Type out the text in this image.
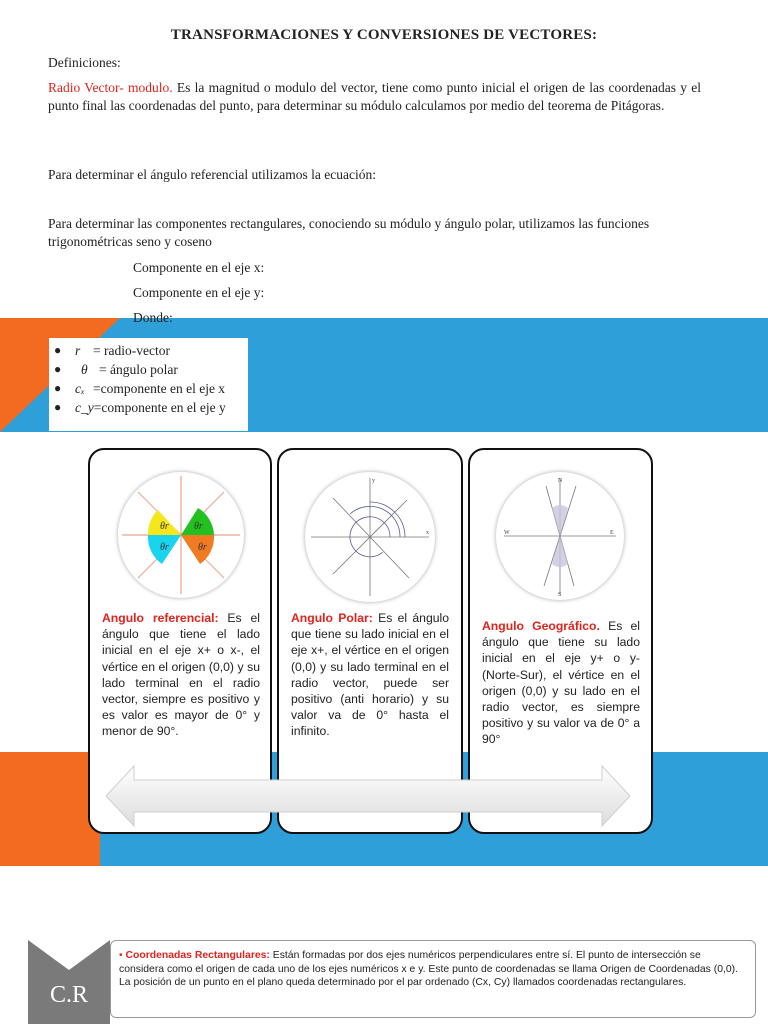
TRANSFORMACIONES Y CONVERSIONES DE VECTORES:
Definiciones:
Radio Vector- modulo. Es la magnitud o modulo del vector, tiene como punto inicial el origen de las coordenadas y el punto final las coordenadas del punto, para determinar su módulo calculamos por medio del teorema de Pitágoras.
Para determinar el ángulo referencial utilizamos la ecuación:
Para determinar las componentes rectangulares, conociendo su módulo y ángulo polar, utilizamos las funciones trigonométricas seno y coseno
Componente en el eje x:
Componente en el eje y:
Donde:
● r = radio-vector
● θ = ángulo polar
● cₓ =componente en el eje x
● c_y=componente en el eje y
θr	θr
θr	θr
Angulo referencial: Es el ángulo que tiene el lado inicial en el eje x+ o x-, el vértice en el origen (0,0) y su lado terminal en el radio vector, siempre es positivo y es valor es mayor de 0° y menor de 90°.
x
y
Angulo Polar: Es el ángulo que tiene su lado inicial en el eje x+, el vértice en el origen (0,0) y su lado terminal en el radio vector, puede ser positivo (anti horario) y su valor va de 0° hasta el infinito.
N
S
W	E
Angulo Geográfico. Es el ángulo que tiene su lado inicial en el eje y+ o y- (Norte-Sur), el vértice en el origen (0,0) y su lado en el radio vector, es siempre positivo y su valor va de 0° a 90°
C.R
• Coordenadas Rectangulares: Están formadas por dos ejes numéricos perpendiculares entre sí. El punto de intersección se considera como el origen de cada uno de los ejes numéricos x e y. Este punto de coordenadas se llama Origen de Coordenadas (0,0). La posición de un punto en el plano queda determinado por el par ordenado (Cx, Cy) llamados coordenadas rectangulares.
